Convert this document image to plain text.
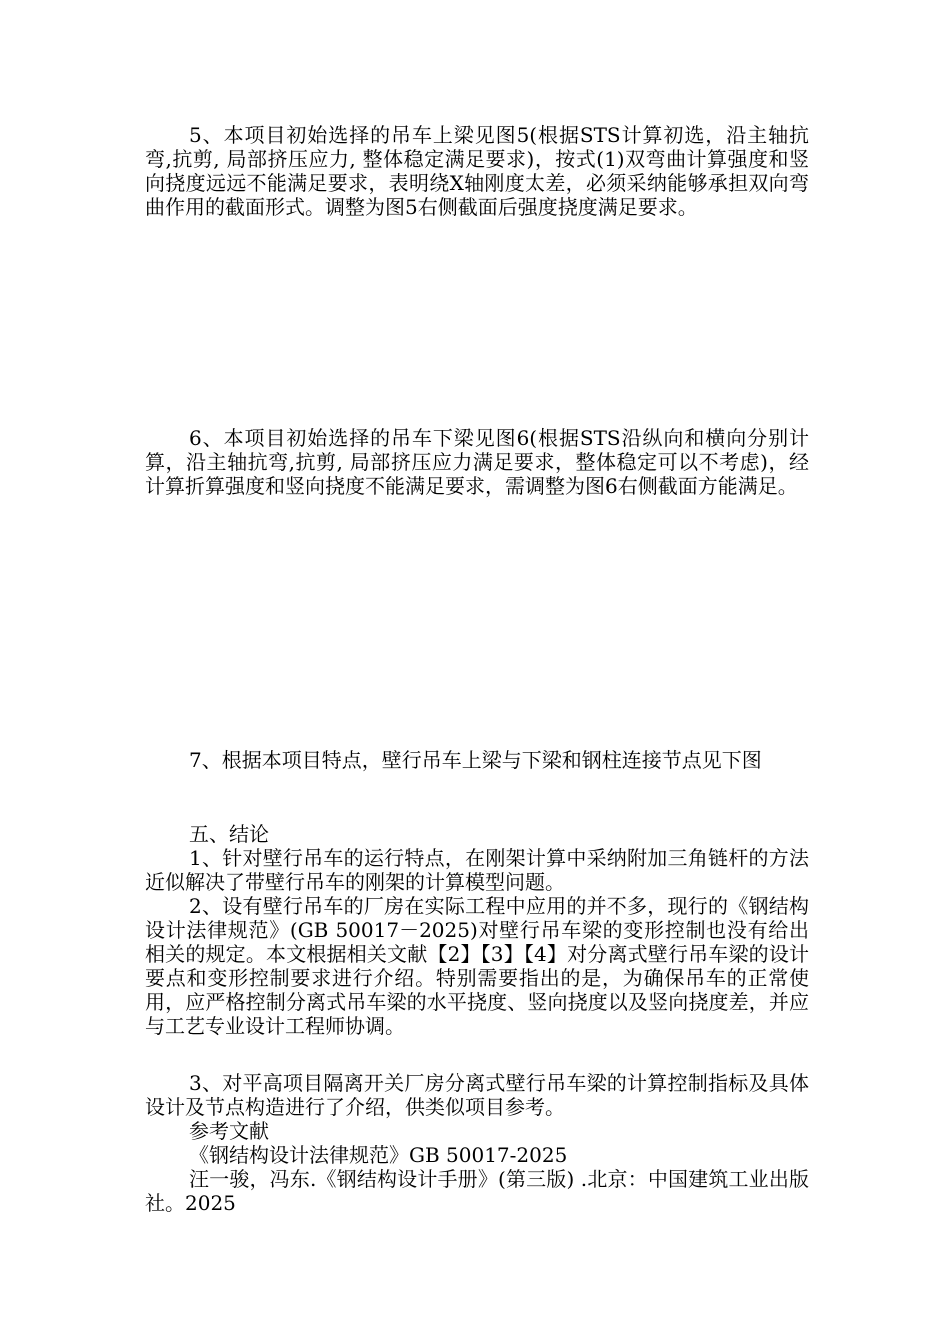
5、本项目初始选择的吊车上梁见图5(根据STS计算初选，沿主轴抗弯,抗剪, 局部挤压应力, 整体稳定满足要求)，按式(1)双弯曲计算强度和竖向挠度远远不能满足要求，表明绕X轴刚度太差，必须采纳能够承担双向弯曲作用的截面形式。调整为图5右侧截面后强度挠度满足要求。

6、本项目初始选择的吊车下梁见图6(根据STS沿纵向和横向分别计算，沿主轴抗弯,抗剪, 局部挤压应力满足要求，整体稳定可以不考虑)，经计算折算强度和竖向挠度不能满足要求，需调整为图6右侧截面方能满足。

7、根据本项目特点，壁行吊车上梁与下梁和钢柱连接节点见下图

五、结论

1、针对壁行吊车的运行特点，在刚架计算中采纳附加三角链杆的方法近似解决了带壁行吊车的刚架的计算模型问题。

2、设有壁行吊车的厂房在实际工程中应用的并不多，现行的《钢结构设计法律规范》(GB 50017－2025)对壁行吊车梁的变形控制也没有给出相关的规定。本文根据相关文献【2】【3】【4】对分离式壁行吊车梁的设计要点和变形控制要求进行介绍。特别需要指出的是，为确保吊车的正常使用，应严格控制分离式吊车梁的水平挠度、竖向挠度以及竖向挠度差，并应与工艺专业设计工程师协调。

3、对平高项目隔离开关厂房分离式壁行吊车梁的计算控制指标及具体设计及节点构造进行了介绍，供类似项目参考。

参考文献

《钢结构设计法律规范》GB 50017-2025

汪一骏，冯东.《钢结构设计手册》(第三版) .北京：中国建筑工业出版社。2025
